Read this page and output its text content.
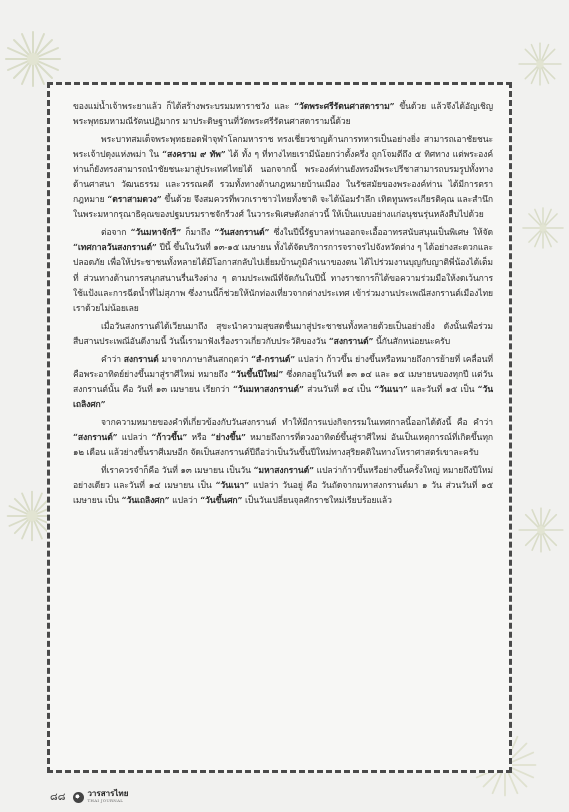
ของแม่น้ำเจ้าพระยาแล้ว ก็ได้สร้างพระบรมมหาราชวัง และ “วัดพระศรีรัตนศาสดาราม” ขึ้นด้วย แล้วจึงได้อัญเชิญพระพุทธมหามณีรัตนปฏิมากร มาประดิษฐานที่วัดพระศรีรัตนศาสดารามนี้ด้วย

พระบาทสมเด็จพระพุทธยอดฟ้าจุฬาโลกมหาราช ทรงเชี่ยวชาญด้านการทหารเป็นอย่างยิ่ง สามารถเอาชัยชนะพระเจ้าปดุงแห่งพม่า ใน “สงคราม ๙ ทัพ” ได้ ทั้ง ๆ ที่ทางไทยเรามีน้อยกว่าตั้งครึ่ง ถูกโจมตีถึง ๕ ทิศทาง แต่พระองค์ท่านก็ยังทรงสามารถนำชัยชนะมาสู่ประเทศไทยได้ นอกจากนี้ พระองค์ท่านยังทรงมีพระปรีชาสามารถบรมรูปทั้งทางด้านศาสนา วัฒนธรรม และวรรณคดี รวมทั้งทางด้านกฎหมายบ้านเมือง ในรัชสมัยของพระองค์ท่าน ได้มีการตรากฎหมาย “ตราสามดวง” ขึ้นด้วย จึงสมควรที่พวกเราชาวไทยทั้งชาติ จะได้น้อมรำลึก เทิดทูนพระเกียรติคุณ และสำนึกในพระมหากรุณาธิคุณของปฐมบรมราชจักรีวงศ์ ในวาระพิเศษดังกล่าวนี้ ให้เป็นแบบอย่างแก่อนุชนรุ่นหลังสืบไปด้วย

ต่อจาก “วันมหาจักรี” ก็มาถึง “วันสงกรานต์” ซึ่งในปีนี้รัฐบาลท่านออกจะเอื้ออาทรสนับสนุนเป็นพิเศษ ให้จัด “เทศกาลวันสงกรานต์” ปีนี้ ขึ้นในวันที่ ๑๓-๑๕ เมษายน ทั้งได้จัดบริการการจราจรไปจังหวัดต่าง ๆ ได้อย่างสะดวกและปลอดภัย เพื่อให้ประชาชนทั้งหลายได้มีโอกาสกลับไปเยี่ยมบ้านภูมิลำเนาของตน ได้ไปร่วมงานบุญกับญาติพี่น้องได้เต็มที่ ส่วนทางด้านการสนุกสนานรื่นเริงต่าง ๆ ตามประเพณีที่จัดกันในปีนี้ ทางราชการก็ได้ขอความร่วมมือให้งดเว้นการใช้แป้งและการฉีดน้ำที่ไม่สุภาพ ซึ่งงานนี้ก็ช่วยให้นักท่องเที่ยวจากต่างประเทศ เข้าร่วมงานประเพณีสงกรานต์เมืองไทยเราด้วยไม่น้อยเลย

เมื่อวันสงกรานต์ได้เวียนมาถึง สุขะนำความสุขสดชื่นมาสู่ประชาชนทั้งหลายด้วยเป็นอย่างยิ่ง ดังนั้นเพื่อร่วมสืบสานประเพณีอันดีงามนี้ วันนี้เรามาฟังเรื่องราวเกี่ยวกับประวัติของวัน “สงกรานต์” นี้กันสักหน่อยนะครับ

คำว่า สงกรานต์ มาจากภาษาสันสกฤตว่า “สํ-กรานต์” แปลว่า ก้าวขึ้น ย่างขึ้นหรือหมายถึงการย้ายที่ เคลื่อนที่ คือพระอาทิตย์ย่างขึ้นมาสู่ราศีใหม่ หมายถึง “วันขึ้นปีใหม่” ซึ่งตกอยู่ในวันที่ ๑๓ ๑๔ และ ๑๕ เมษายนของทุกปี แต่วันสงกรานต์นั้น คือ วันที่ ๑๓ เมษายน เรียกว่า “วันมหาสงกรานต์” ส่วนวันที่ ๑๔ เป็น “วันเนา” และวันที่ ๑๕ เป็น “วันเถลิงศก”

จากความหมายของคำที่เกี่ยวข้องกับวันสงกรานต์ ทำให้มีการแบ่งกิจกรรมในเทศกาลนี้ออกได้ดังนี้ คือ คำว่า “สงกรานต์” แปลว่า “ก้าวขึ้น” หรือ “ย่างขึ้น” หมายถึงการที่ดวงอาทิตย์ขึ้นสู่ราศีใหม่ อันเป็นเหตุการณ์ที่เกิดขึ้นทุก ๑๒ เดือน แล้วย่างขึ้นราศีเมษอีก จัดเป็นสงกรานต์ปีถือว่าเป็นวันขึ้นปีใหม่ทางสุริยคติในทางโหราศาสตร์เขาละครับ

ที่เราควรจำก็คือ วันที่ ๑๓ เมษายน เป็นวัน “มหาสงกรานต์” แปลว่าก้าวขึ้นหรือย่างขึ้นครั้งใหญ่ หมายถึงปีใหม่อย่างเดียว และวันที่ ๑๔ เมษายน เป็น “วันเนา” แปลว่า วันอยู่ คือ วันถัดจากมหาสงกรานต์มา ๑ วัน ส่วนวันที่ ๑๕ เมษายน เป็น “วันเถลิงศก” แปลว่า “วันขึ้นศก” เป็นวันเปลี่ยนจุลศักราชใหม่เรียบร้อยแล้ว

๘๘	วารสารไทย
THAI JOURNAL
